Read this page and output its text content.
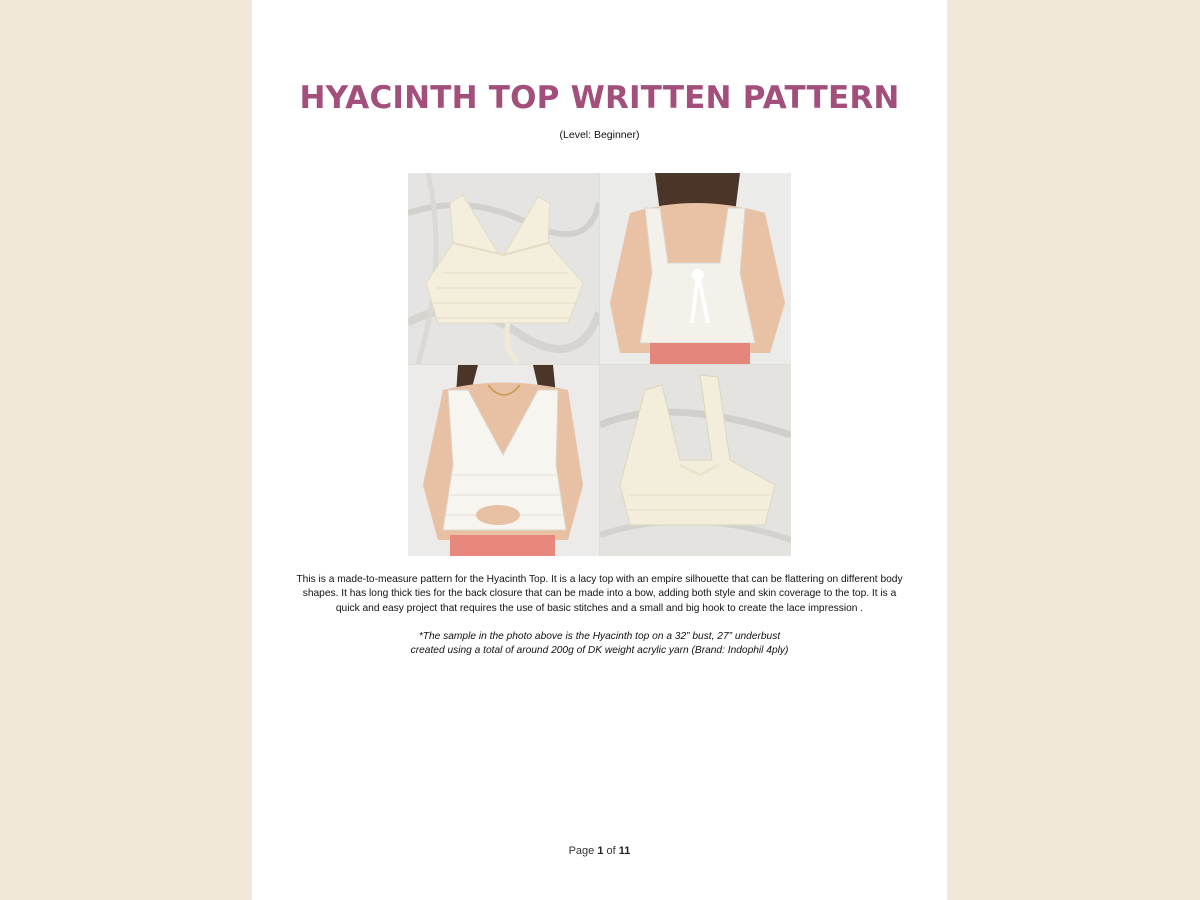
HYACINTH TOP WRITTEN PATTERN
(Level: Beginner)

This is a made-to-measure pattern for the Hyacinth Top. It is a lacy top with an empire silhouette that can be flattering on different body shapes. It has long thick ties for the back closure that can be made into a bow, adding both style and skin coverage to the top. It is a quick and easy project that requires the use of basic stitches and a small and big hook to create the lace impression .

*The sample in the photo above is the Hyacinth top on a 32” bust, 27” underbust
created using a total of around 200g of DK weight acrylic yarn (Brand: Indophil 4ply)

Page 1 of 11
